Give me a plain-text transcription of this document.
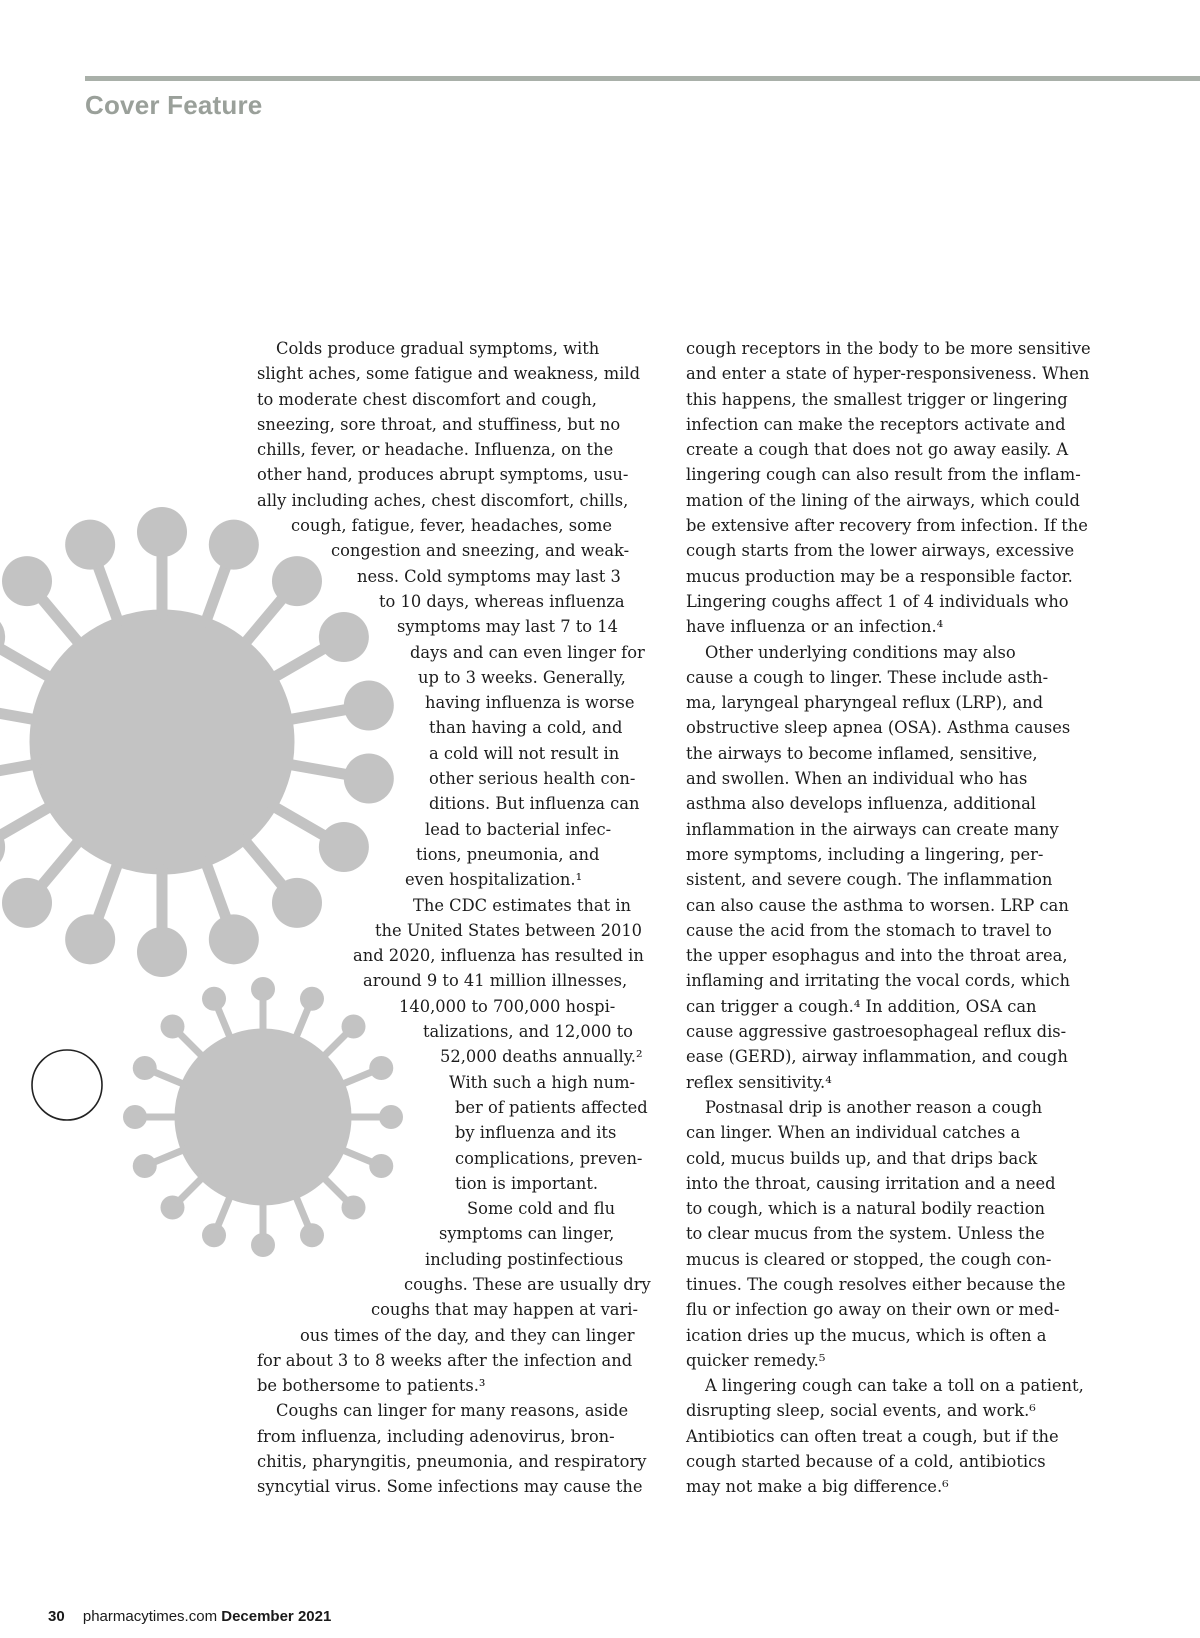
Cover Feature
Colds produce gradual symptoms, with
slight aches, some fatigue and weakness, mild
to moderate chest discomfort and cough,
sneezing, sore throat, and stuffiness, but no
chills, fever, or headache. Influenza, on the
other hand, produces abrupt symptoms, usu-
ally including aches, chest discomfort, chills,
cough, fatigue, fever, headaches, some
congestion and sneezing, and weak-
ness. Cold symptoms may last 3
to 10 days, whereas influenza
symptoms may last 7 to 14
days and can even linger for
up to 3 weeks. Generally,
having influenza is worse
than having a cold, and
a cold will not result in
other serious health con-
ditions. But influenza can
lead to bacterial infec-
tions, pneumonia, and
even hospitalization.¹
The CDC estimates that in
the United States between 2010
and 2020, influenza has resulted in
around 9 to 41 million illnesses,
140,000 to 700,000 hospi-
talizations, and 12,000 to
52,000 deaths annually.²
With such a high num-
ber of patients affected
by influenza and its
complications, preven-
tion is important.
Some cold and flu
symptoms can linger,
including postinfectious
coughs. These are usually dry
coughs that may happen at vari-
ous times of the day, and they can linger
for about 3 to 8 weeks after the infection and
be bothersome to patients.³
Coughs can linger for many reasons, aside
from influenza, including adenovirus, bron-
chitis, pharyngitis, pneumonia, and respiratory
syncytial virus. Some infections may cause the
cough receptors in the body to be more sensitive
and enter a state of hyper-responsiveness. When
this happens, the smallest trigger or lingering
infection can make the receptors activate and
create a cough that does not go away easily. A
lingering cough can also result from the inflam-
mation of the lining of the airways, which could
be extensive after recovery from infection. If the
cough starts from the lower airways, excessive
mucus production may be a responsible factor.
Lingering coughs affect 1 of 4 individuals who
have influenza or an infection.⁴
Other underlying conditions may also
cause a cough to linger. These include asth-
ma, laryngeal pharyngeal reflux (LRP), and
obstructive sleep apnea (OSA). Asthma causes
the airways to become inflamed, sensitive,
and swollen. When an individual who has
asthma also develops influenza, additional
inflammation in the airways can create many
more symptoms, including a lingering, per-
sistent, and severe cough. The inflammation
can also cause the asthma to worsen. LRP can
cause the acid from the stomach to travel to
the upper esophagus and into the throat area,
inflaming and irritating the vocal cords, which
can trigger a cough.⁴ In addition, OSA can
cause aggressive gastroesophageal reflux dis-
ease (GERD), airway inflammation, and cough
reflex sensitivity.⁴
Postnasal drip is another reason a cough
can linger. When an individual catches a
cold, mucus builds up, and that drips back
into the throat, causing irritation and a need
to cough, which is a natural bodily reaction
to clear mucus from the system. Unless the
mucus is cleared or stopped, the cough con-
tinues. The cough resolves either because the
flu or infection go away on their own or med-
ication dries up the mucus, which is often a
quicker remedy.⁵
A lingering cough can take a toll on a patient,
disrupting sleep, social events, and work.⁶
Antibiotics can often treat a cough, but if the
cough started because of a cold, antibiotics
may not make a big difference.⁶

30 pharmacytimes.com December 2021
